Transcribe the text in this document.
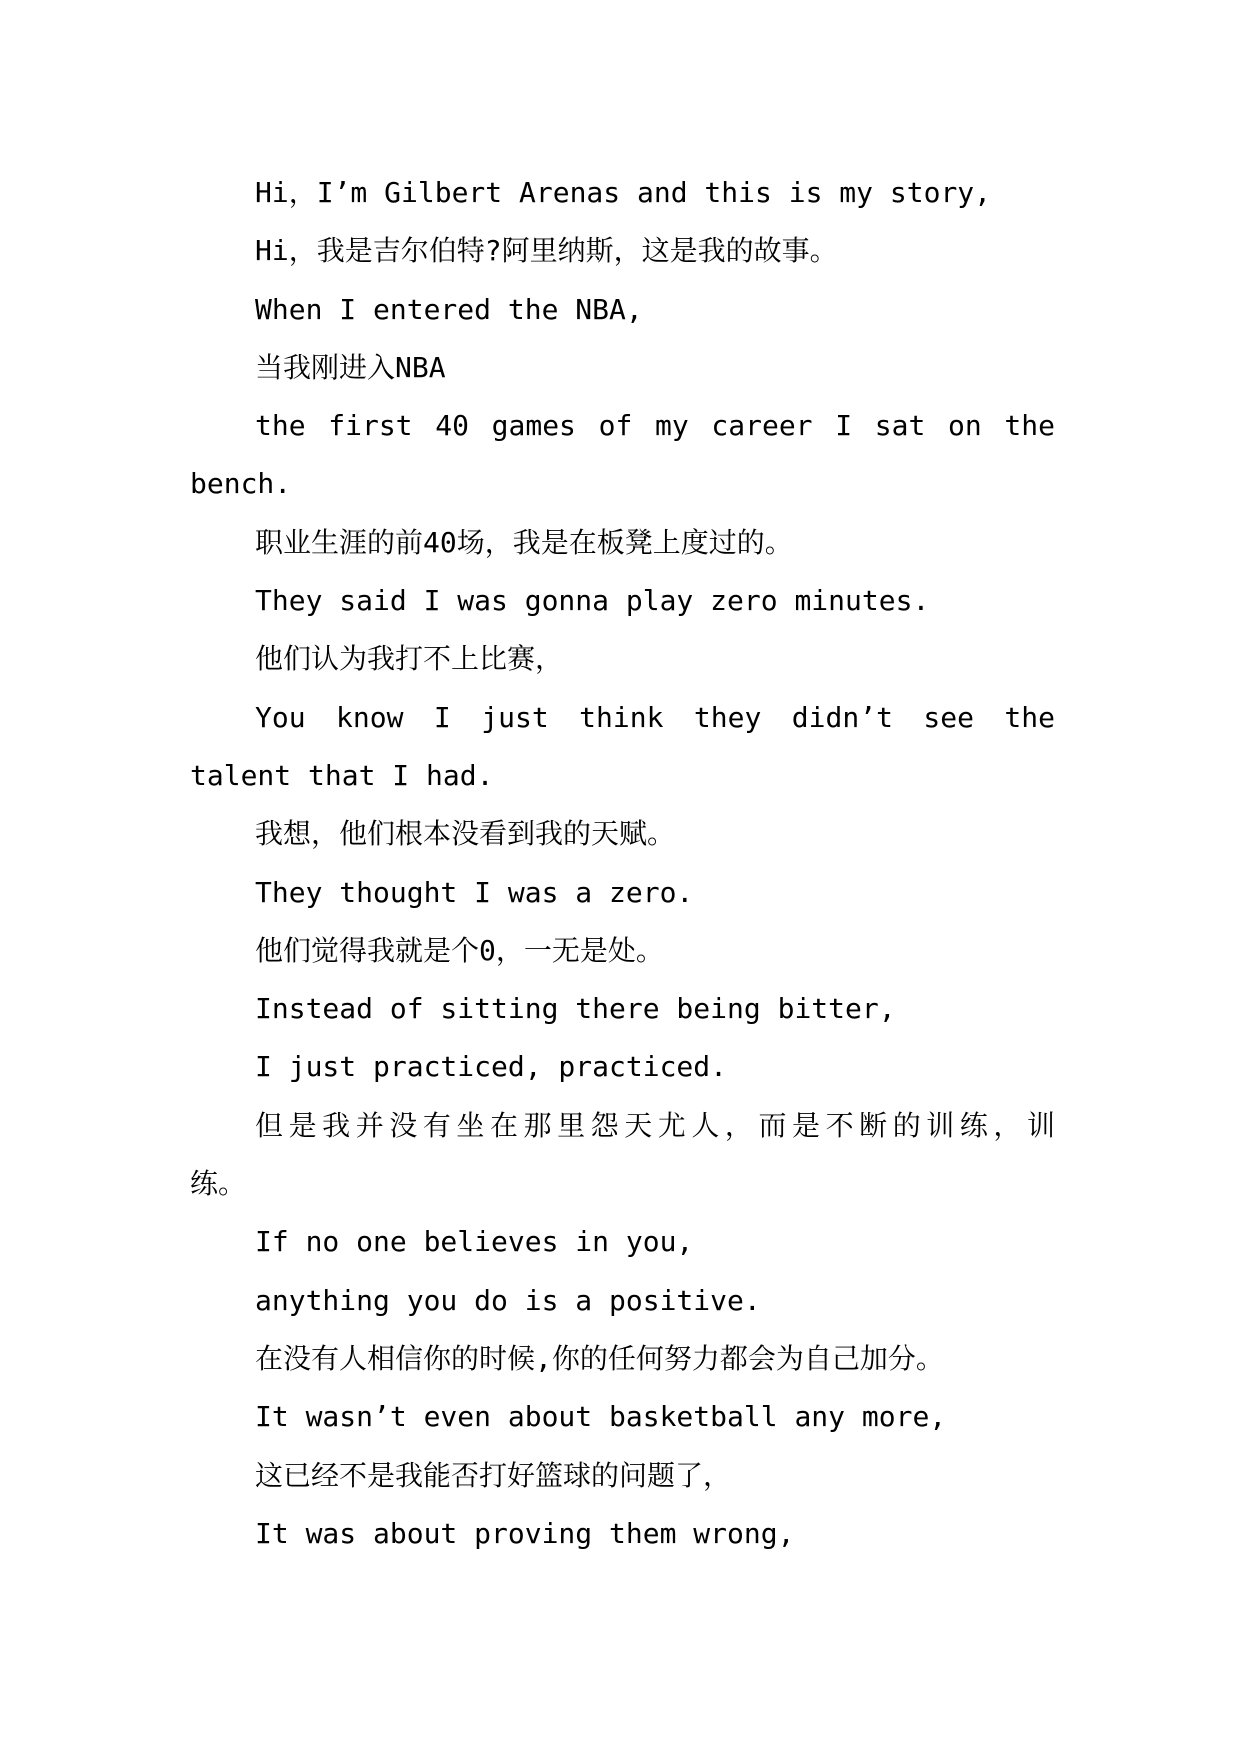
Hi，I’m Gilbert Arenas and this is my story,
Hi，我是吉尔伯特?阿里纳斯，这是我的故事。
When I entered the NBA,
当我刚进入NBA
the first 40 games of my career I sat on the
bench.
职业生涯的前40场，我是在板凳上度过的。
They said I was gonna play zero minutes.
他们认为我打不上比赛，
You know I just think they didn’t see the
talent that I had.
我想，他们根本没看到我的天赋。
They thought I was a zero.
他们觉得我就是个0，一无是处。
Instead of sitting there being bitter,
I just practiced, practiced.
但是我并没有坐在那里怨天尤人，而是不断的训练，训
练。
If no one believes in you,
anything you do is a positive.
在没有人相信你的时候,你的任何努力都会为自己加分。
It wasn’t even about basketball any more,
这已经不是我能否打好篮球的问题了，
It was about proving them wrong,
